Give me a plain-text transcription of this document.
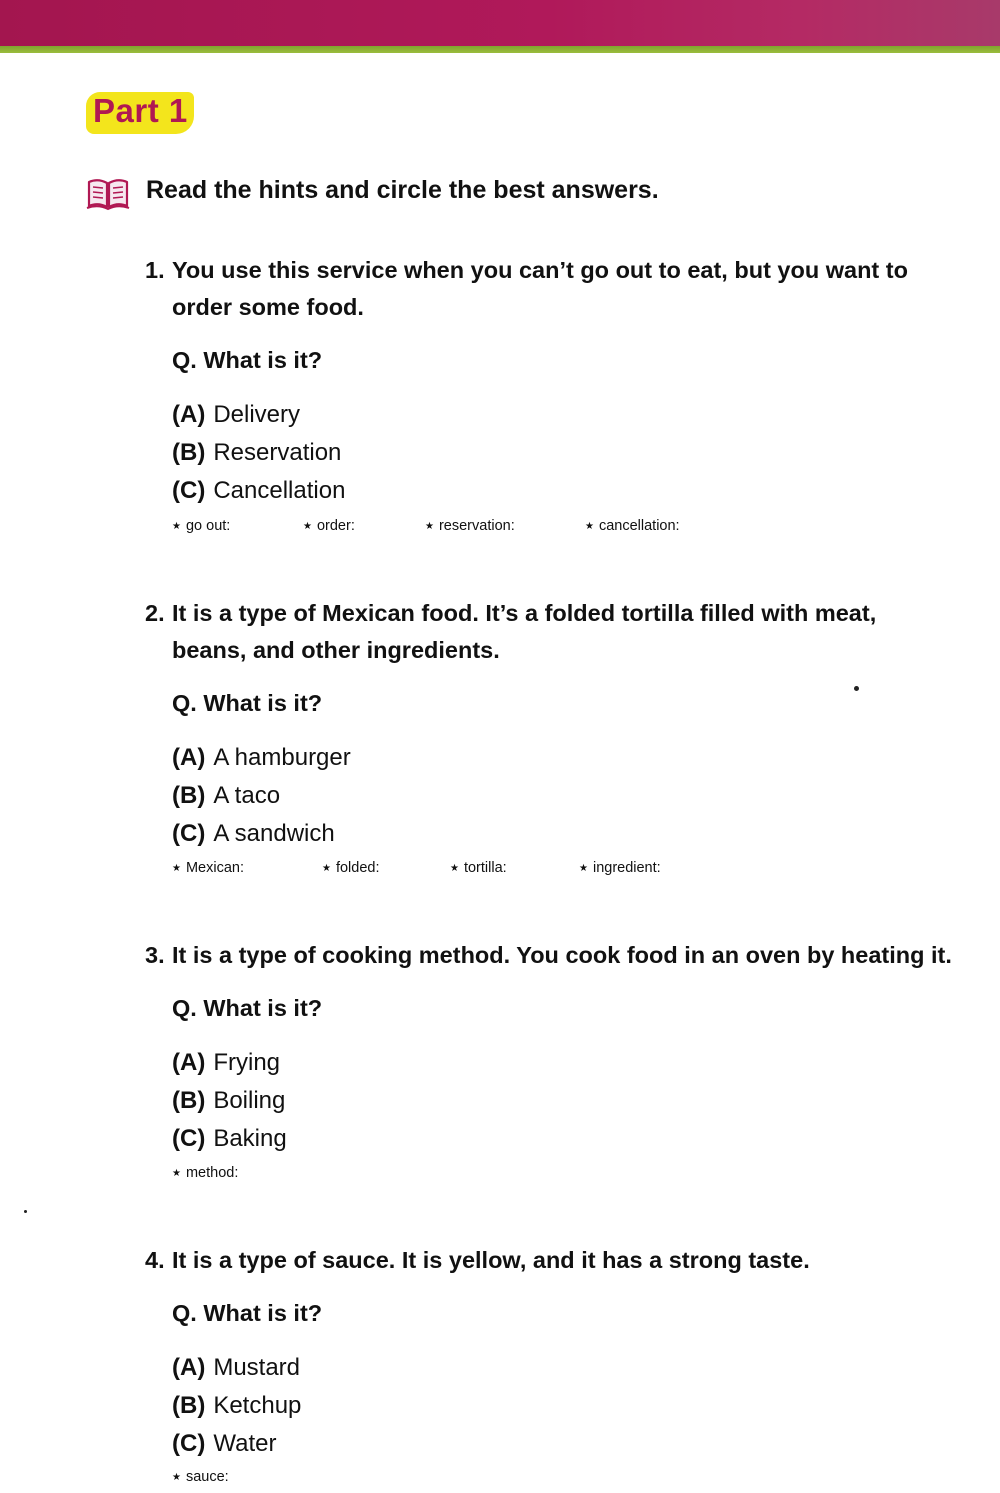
Part 1
Read the hints and circle the best answers.
1. You use this service when you can’t go out to eat, but you want to
order some food.
Q. What is it?
(A) Delivery
(B) Reservation
(C) Cancellation
★ go out:	★ order:	★ reservation:	★ cancellation:
2. It is a type of Mexican food. It’s a folded tortilla filled with meat,
beans, and other ingredients.
Q. What is it?
(A) A hamburger
(B) A taco
(C) A sandwich
★ Mexican:	★ folded:	★ tortilla:	★ ingredient:
3. It is a type of cooking method. You cook food in an oven by heating it.
Q. What is it?
(A) Frying
(B) Boiling
(C) Baking
★ method:
4. It is a type of sauce. It is yellow, and it has a strong taste.
Q. What is it?
(A) Mustard
(B) Ketchup
(C) Water
★ sauce:
